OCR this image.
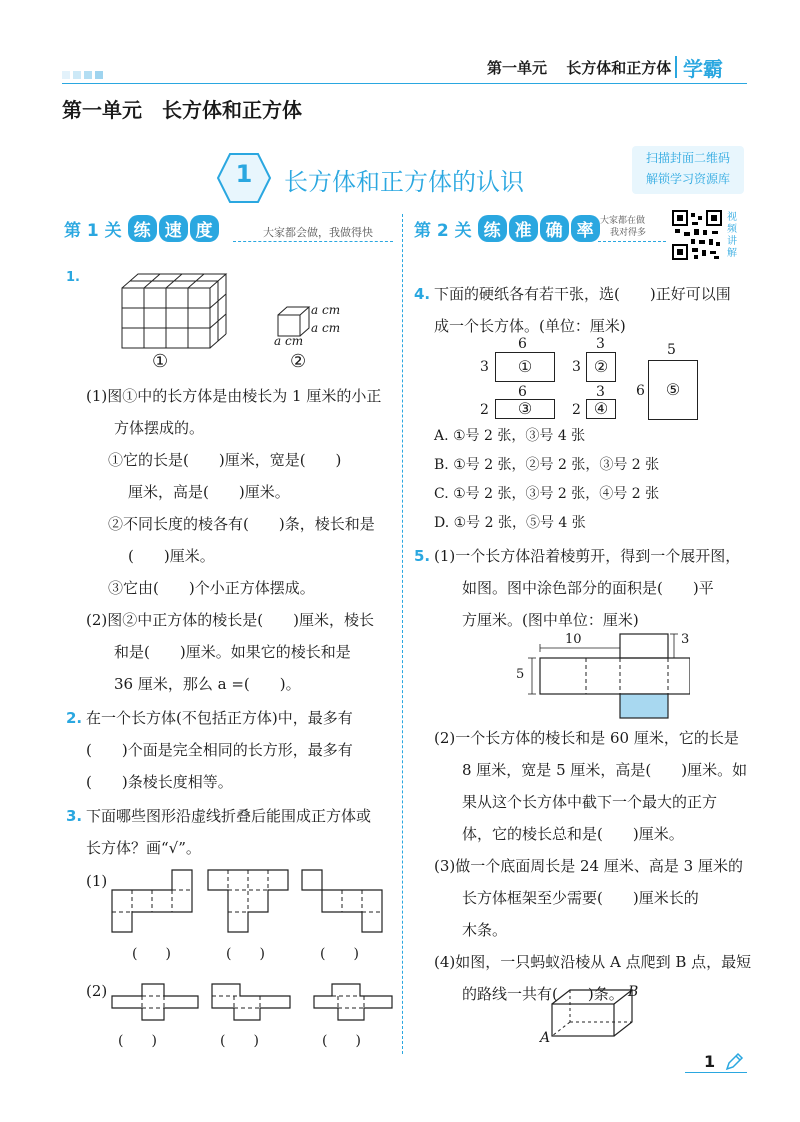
第一单元 长方体和正方体 学霸
第一单元　长方体和正方体
1	长方体和正方体的认识
扫描封面二维码
解锁学习资源库
第 1 关 练 速 度	大家都会做，我做得快 第 2 关 练 准 确 率 大家都在做
我对得多
视频讲解
1.
①
a cm
a cm
a cm
②
(1)图①中的长方体是由棱长为 1 厘米的小正
方体摆成的。
①它的长是(　　)厘米，宽是(　　)
厘米，高是(　　)厘米。
②不同长度的棱各有(　　)条，棱长和是
(　　)厘米。
③它由(　　)个小正方体摆成。
(2)图②中正方体的棱长是(　　)厘米，棱长
和是(　　)厘米。如果它的棱长和是
36 厘米，那么 a =(　　)。
2. 在一个长方体(不包括正方体)中，最多有
(　　)个面是完全相同的长方形，最多有
(　　)条棱长度相等。
3. 下面哪些图形沿虚线折叠后能围成正方体或
长方体？画“√”。
(1)
(　　)	(　　)	(　　)
(2)
(　　)	(　　)	(　　)
4. 下面的硬纸各有若干张，选(　　)正好可以围
成一个长方体。(单位：厘米)
6
3	①
3
3 ②
6
2	③
3
2 ④
5
6	⑤
A. ①号 2 张，③号 4 张
B. ①号 2 张，②号 2 张，③号 2 张
C. ①号 2 张，③号 2 张，④号 2 张
D. ①号 2 张，⑤号 4 张
5. (1)一个长方体沿着棱剪开，得到一个展开图，
如图。图中涂色部分的面积是(　　)平
方厘米。(图中单位：厘米)
10	3
5
(2)一个长方体的棱长和是 60 厘米，它的长是
8 厘米，宽是 5 厘米，高是(　　)厘米。如
果从这个长方体中截下一个最大的正方
体，它的棱长总和是(　　)厘米。
(3)做一个底面周长是 24 厘米、高是 3 厘米的
长方体框架至少需要(　　)厘米长的
木条。
(4)如图，一只蚂蚁沿棱从 A 点爬到 B 点，最短
的路线一共有(　　)条。 B
A
1
